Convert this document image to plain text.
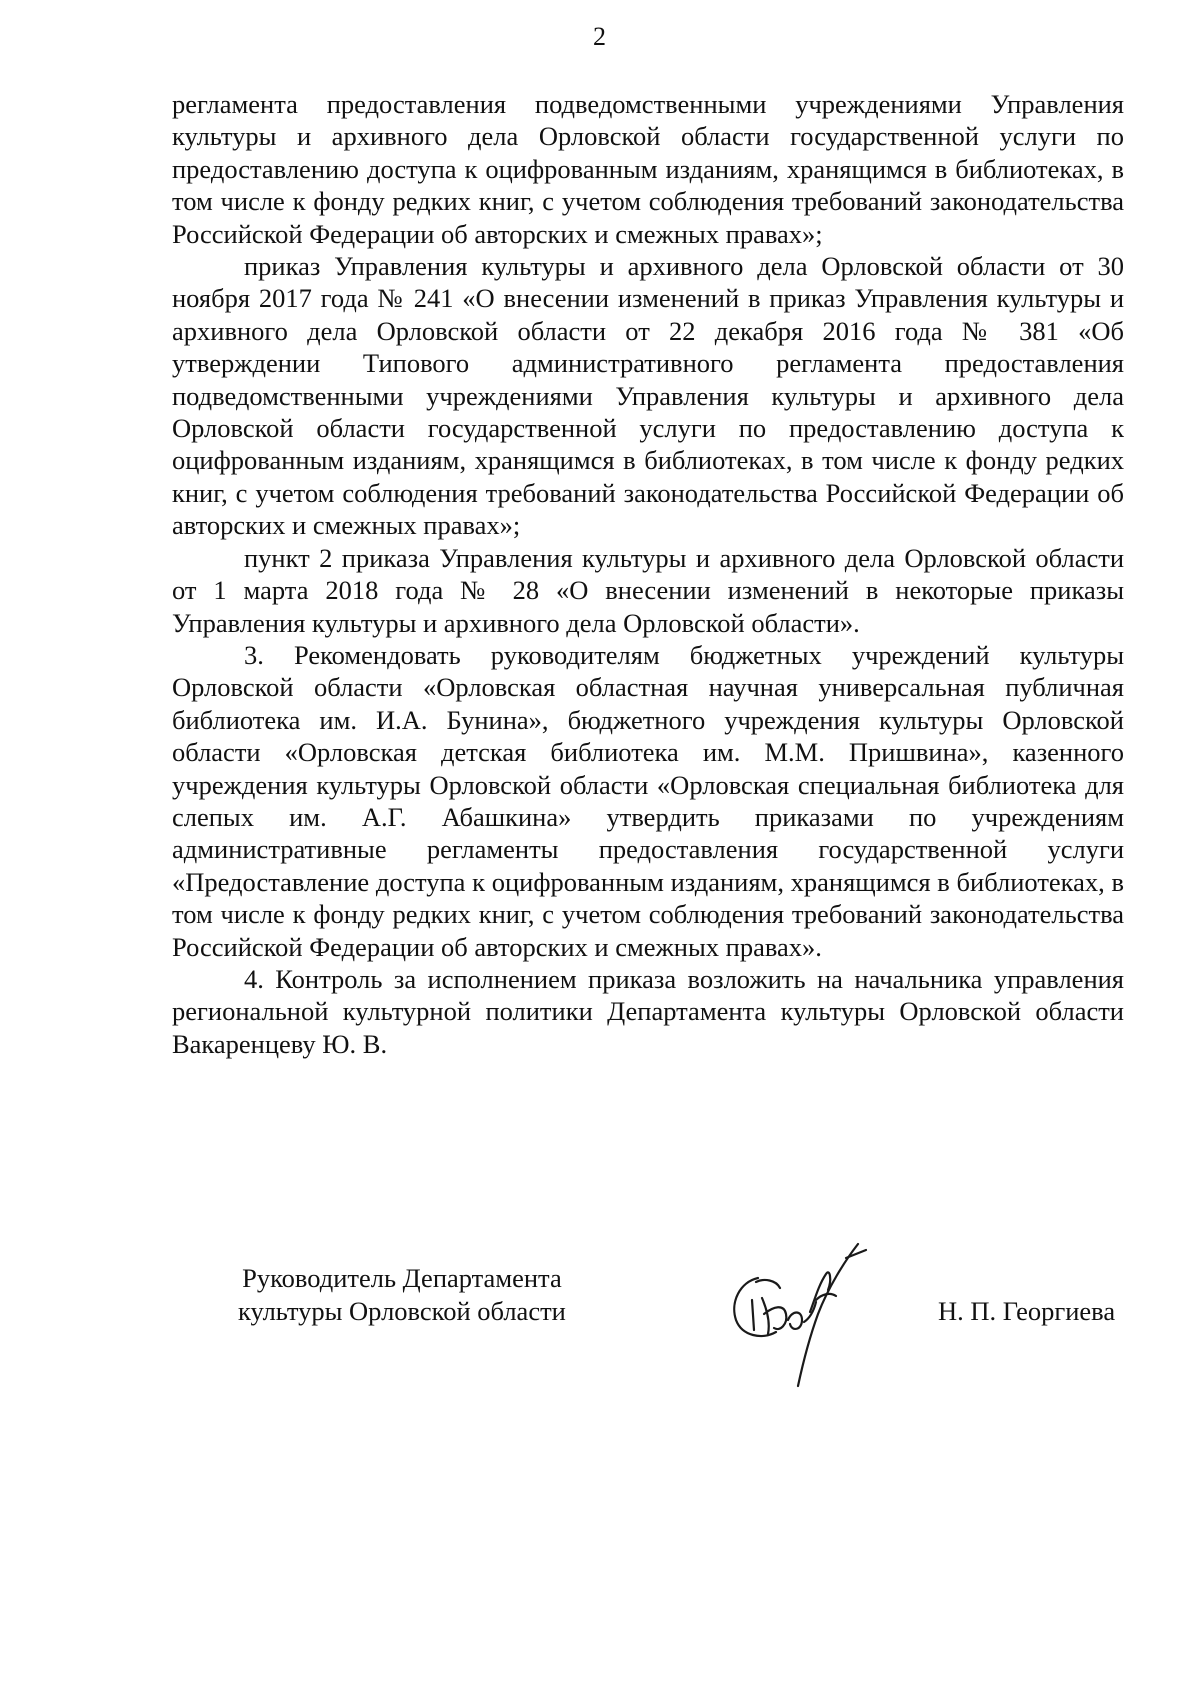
2

регламента предоставления подведомственными учреждениями Управления культуры и архивного дела Орловской области государственной услуги по предоставлению доступа к оцифрованным изданиям, хранящимся в библиотеках, в том числе к фонду редких книг, с учетом соблюдения требований законодательства Российской Федерации об авторских и смежных правах»;

приказ Управления культуры и архивного дела Орловской области от 30 ноября 2017 года № 241 «О внесении изменений в приказ Управления культуры и архивного дела Орловской области от 22 декабря 2016 года № 381 «Об утверждении Типового административного регламента предоставления подведомственными учреждениями Управления культуры и архивного дела Орловской области государственной услуги по предоставлению доступа к оцифрованным изданиям, хранящимся в библиотеках, в том числе к фонду редких книг, с учетом соблюдения требований законодательства Российской Федерации об авторских и смежных правах»;

пункт 2 приказа Управления культуры и архивного дела Орловской области от 1 марта 2018 года № 28 «О внесении изменений в некоторые приказы Управления культуры и архивного дела Орловской области».

3. Рекомендовать руководителям бюджетных учреждений культуры Орловской области «Орловская областная научная универсальная публичная библиотека им. И.А. Бунина», бюджетного учреждения культуры Орловской области «Орловская детская библиотека им. М.М. Пришвина», казенного учреждения культуры Орловской области «Орловская специальная библиотека для слепых им. А.Г. Абашкина» утвердить приказами по учреждениям административные регламенты предоставления государственной услуги «Предоставление доступа к оцифрованным изданиям, хранящимся в библиотеках, в том числе к фонду редких книг, с учетом соблюдения требований законодательства Российской Федерации об авторских и смежных правах».

4. Контроль за исполнением приказа возложить на начальника управления региональной культурной политики Департамента культуры Орловской области Вакаренцеву Ю. В.

Руководитель Департамента
культуры Орловской области	Н. П. Георгиева
